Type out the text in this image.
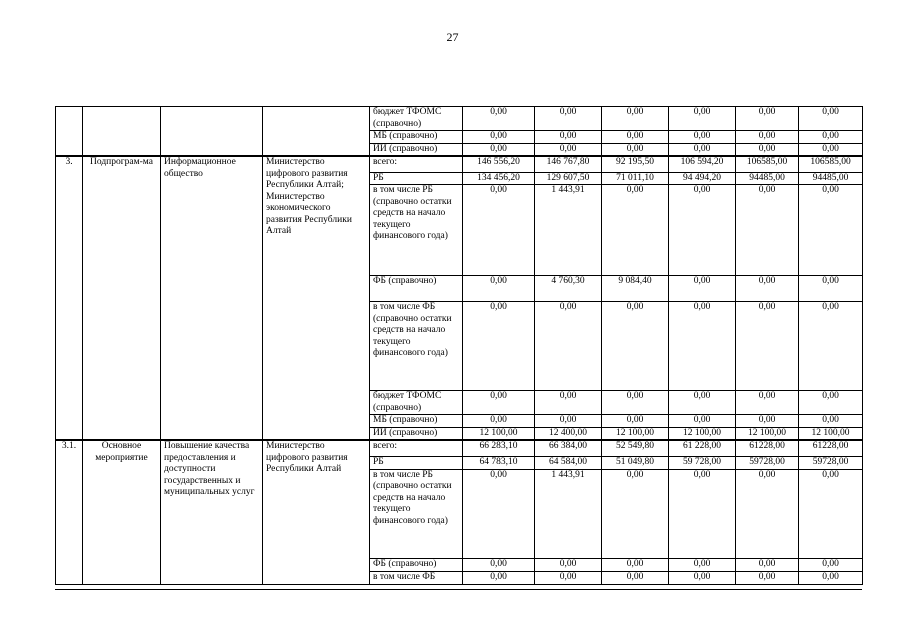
27
				бюджет ТФОМС (справочно)	0,00	0,00	0,00	0,00	0,00	0,00
				МБ (справочно)	0,00	0,00	0,00	0,00	0,00	0,00
				ИИ (справочно)	0,00	0,00	0,00	0,00	0,00	0,00
3.	Подпрограм-ма	Информационное общество	Министерство цифрового развития Республики Алтай; Министерство экономического развития Республики Алтай	всего:	146 556,20	146 767,80	92 195,50	106 594,20	106585,00	106585,00
				РБ	134 456,20	129 607,50	71 011,10	94 494,20	94485,00	94485,00
				в том числе РБ (справочно остатки средств на начало текущего финансового года)	0,00	1 443,91	0,00	0,00	0,00	0,00
				ФБ (справочно)	0,00	4 760,30	9 084,40	0,00	0,00	0,00
				в том числе ФБ (справочно остатки средств на начало текущего финансового года)	0,00	0,00	0,00	0,00	0,00	0,00
				бюджет ТФОМС (справочно)	0,00	0,00	0,00	0,00	0,00	0,00
				МБ (справочно)	0,00	0,00	0,00	0,00	0,00	0,00
				ИИ (справочно)	12 100,00	12 400,00	12 100,00	12 100,00	12 100,00	12 100,00
3.1.	Основное мероприятие	Повышение качества предоставления и доступности государственных и муниципальных услуг	Министерство цифрового развития Республики Алтай	всего:	66 283,10	66 384,00	52 549,80	61 228,00	61228,00	61228,00
				РБ	64 783,10	64 584,00	51 049,80	59 728,00	59728,00	59728,00
				в том числе РБ (справочно остатки средств на начало текущего финансового года)	0,00	1 443,91	0,00	0,00	0,00	0,00
				ФБ (справочно)	0,00	0,00	0,00	0,00	0,00	0,00
				в том числе ФБ	0,00	0,00	0,00	0,00	0,00	0,00
